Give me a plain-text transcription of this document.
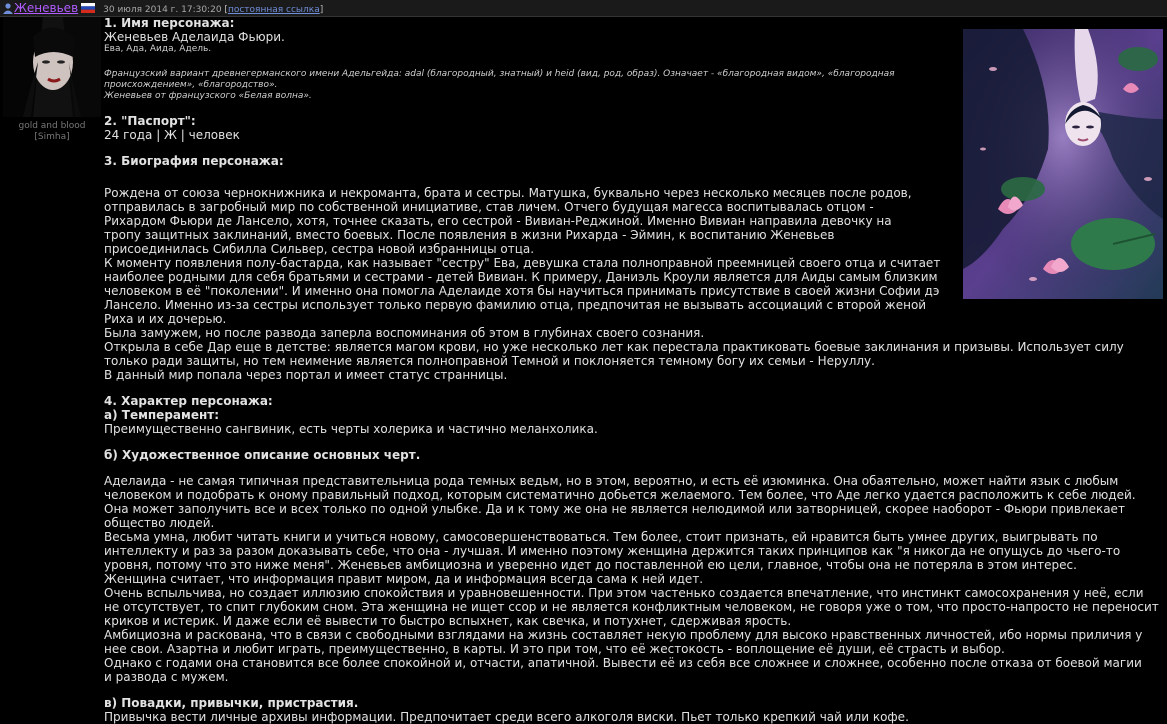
Женевьев	30 июля 2014 г. 17:30:20 [постоянная ссылка]
gold and blood
[Simha]

1. Имя персонажа:

Женевьев Аделаида Фьюри.

Ева, Ада, Аида, Адель.

Французский вариант древнегерманского имени Адельгейда: adal (благородный, знатный) и heid (вид, род, образ). Означает - «благородная видом», «благородная происхождением», «благородство».

Женевьев от французского «Белая волна».

2. "Паспорт":

24 года | Ж | человек

3. Биография персонажа:

Рождена от союза чернокнижника и некроманта, брата и сестры. Матушка, буквально через несколько месяцев после родов, отправилась в загробный мир по собственной инициативе, став личем. Отчего будущая магесса воспитывалась отцом - Рихардом Фьюри де Лансело, хотя, точнее сказать, его сестрой - Вивиан-Реджиной. Именно Вивиан направила девочку на тропу защитных заклинаний, вместо боевых. После появления в жизни Рихарда - Эймин, к воспитанию Женевьев присоединилась Сибилла Сильвер, сестра новой избранницы отца.

К моменту появления полу-бастарда, как называет "сестру" Ева, девушка стала полноправной преемницей своего отца и считает наиболее родными для себя братьями и сестрами - детей Вивиан. К примеру, Даниэль Кроули является для Аиды самым близким человеком в её "поколении". И именно она помогла Аделаиде хотя бы научиться принимать присутствие в своей жизни Софии дэ Лансело. Именно из-за сестры использует только первую фамилию отца, предпочитая не вызывать ассоциаций с второй женой Риха и их дочерью.

Была замужем, но после развода заперла воспоминания об этом в глубинах своего сознания.

Открыла в себе Дар еще в детстве: является магом крови, но уже несколько лет как перестала практиковать боевые заклинания и призывы. Использует силу только ради защиты, но тем неимение является полноправной Темной и поклоняется темному богу их семьи - Неруллу.

В данный мир попала через портал и имеет статус странницы.

4. Характер персонажа:

а) Темперамент:

Преимущественно сангвиник, есть черты холерика и частично меланхолика.

б) Художественное описание основных черт.

Аделаида - не самая типичная представительница рода темных ведьм, но в этом, вероятно, и есть её изюминка. Она обаятельно, может найти язык с любым человеком и подобрать к оному правильный подход, которым систематично добьется желаемого. Тем более, что Аде легко удается расположить к себе людей. Она может заполучить все и всех только по одной улыбке. Да и к тому же она не является нелюдимой или затворницей, скорее наоборот - Фьюри привлекает общество людей.

Весьма умна, любит читать книги и учиться новому, самосовершенствоваться. Тем более, стоит признать, ей нравится быть умнее других, выигрывать по интеллекту и раз за разом доказывать себе, что она - лучшая. И именно поэтому женщина держится таких принципов как "я никогда не опущусь до чьего-то уровня, потому что это ниже меня". Женевьев амбициозна и уверенно идет до поставленной ею цели, главное, чтобы она не потеряла в этом интерес.

Женщина считает, что информация правит миром, да и информация всегда сама к ней идет.

Очень вспыльчива, но создает иллюзию спокойствия и уравновешенности. При этом частенько создается впечатление, что инстинкт самосохранения у неё, если не отсутствует, то спит глубоким сном. Эта женщина не ищет ссор и не является конфликтным человеком, не говоря уже о том, что просто-напросто не переносит криков и истерик. И даже если её вывести то быстро вспыхнет, как свечка, и потухнет, сдерживая ярость.

Амбициозна и раскована, что в связи с свободными взглядами на жизнь составляет некую проблему для высоко нравственных личностей, ибо нормы приличия у нее свои. Азартна и любит играть, преимущественно, в карты. И это при том, что её жестокость - воплощение её души, её страсть и выбор.

Однако с годами она становится все более спокойной и, отчасти, апатичной. Вывести её из себя все сложнее и сложнее, особенно после отказа от боевой магии и развода с мужем.

в) Повадки, привычки, пристрастия.

Привычка вести личные архивы информации. Предпочитает среди всего алкоголя виски. Пьет только крепкий чай или кофе.
